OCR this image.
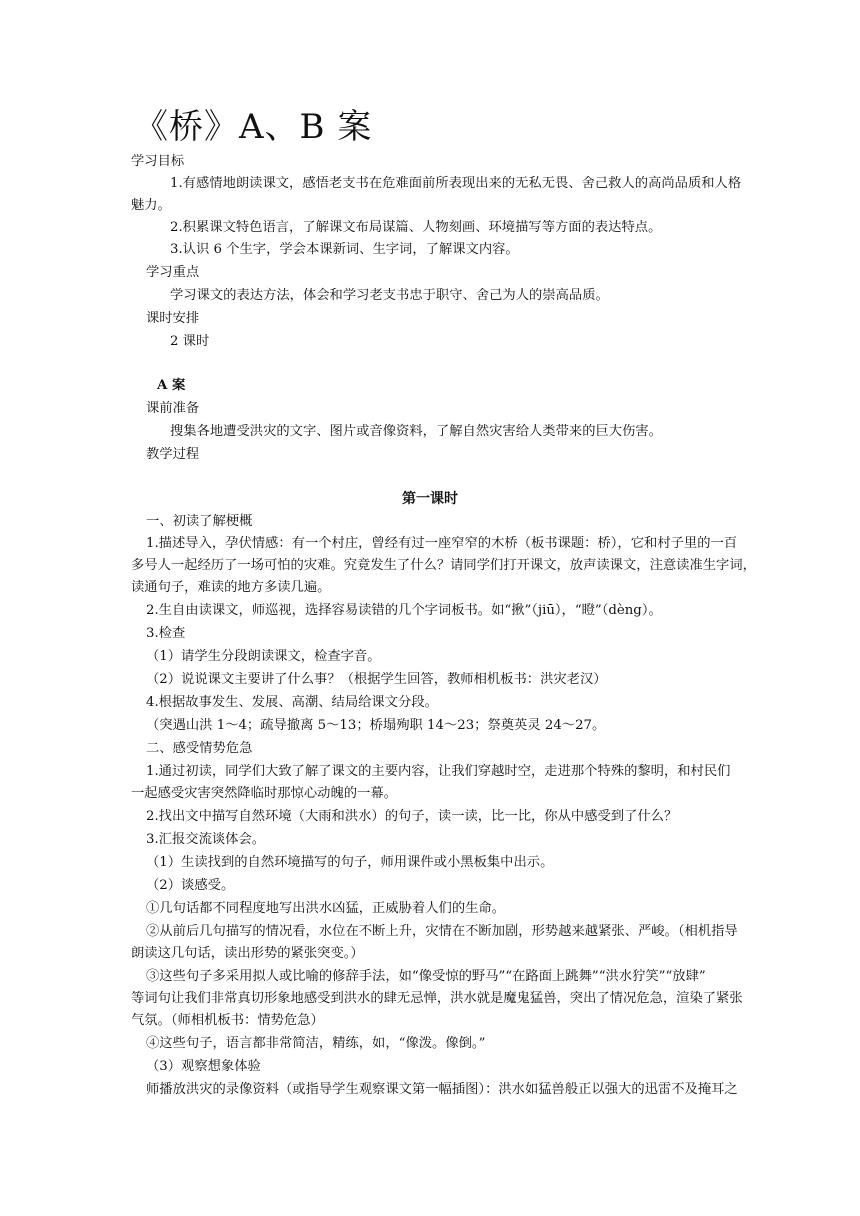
《桥》A、B 案
学习目标
1.有感情地朗读课文，感悟老支书在危难面前所表现出来的无私无畏、舍己救人的高尚品质和人格
魅力。
2.积累课文特色语言，了解课文布局谋篇、人物刻画、环境描写等方面的表达特点。
3.认识 6 个生字，学会本课新词、生字词，了解课文内容。
学习重点
学习课文的表达方法，体会和学习老支书忠于职守、舍己为人的崇高品质。
课时安排
2 课时
A 案
课前准备
搜集各地遭受洪灾的文字、图片或音像资料，了解自然灾害给人类带来的巨大伤害。
教学过程
第一课时
一、初读了解梗概
1.描述导入，孕伏情感：有一个村庄，曾经有过一座窄窄的木桥（板书课题：桥），它和村子里的一百
多号人一起经历了一场可怕的灾难。究竟发生了什么？请同学们打开课文，放声读课文，注意读准生字词，
读通句子，难读的地方多读几遍。
2.生自由读课文，师巡视，选择容易读错的几个字词板书。如“揪”（jiū），“瞪”（dèng）。
3.检查
（1）请学生分段朗读课文，检查字音。
（2）说说课文主要讲了什么事？（根据学生回答，教师相机板书：洪灾老汉）
4.根据故事发生、发展、高潮、结局给课文分段。
（突遇山洪 1～4；疏导撤离 5～13；桥塌殉职 14～23；祭奠英灵 24～27。
二、感受情势危急
1.通过初读，同学们大致了解了课文的主要内容，让我们穿越时空，走进那个特殊的黎明，和村民们
一起感受灾害突然降临时那惊心动魄的一幕。
2.找出文中描写自然环境（大雨和洪水）的句子，读一读，比一比，你从中感受到了什么？
3.汇报交流谈体会。
（1）生读找到的自然环境描写的句子，师用课件或小黑板集中出示。
（2）谈感受。
①几句话都不同程度地写出洪水凶猛，正威胁着人们的生命。
②从前后几句描写的情况看，水位在不断上升，灾情在不断加剧，形势越来越紧张、严峻。（相机指导
朗读这几句话，读出形势的紧张突变。）
③这些句子多采用拟人或比喻的修辞手法，如“像受惊的野马”“在路面上跳舞”“洪水狞笑”“放肆”
等词句让我们非常真切形象地感受到洪水的肆无忌惮，洪水就是魔鬼猛兽，突出了情况危急，渲染了紧张
气氛。（师相机板书：情势危急）
④这些句子，语言都非常简洁，精练，如，“像泼。像倒。”
（3）观察想象体验
师播放洪灾的录像资料（或指导学生观察课文第一幅插图）：洪水如猛兽般正以强大的迅雷不及掩耳之
